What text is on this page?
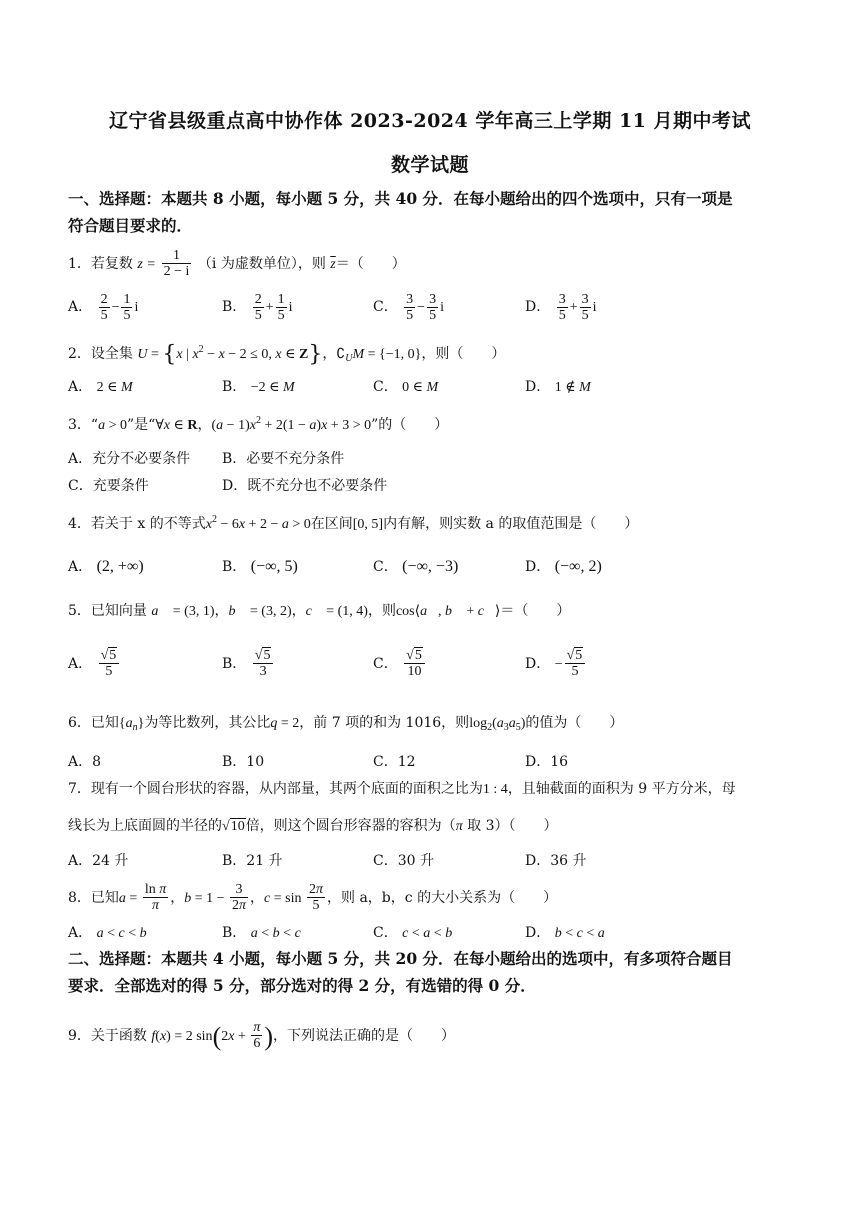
辽宁省县级重点高中协作体 2023-2024 学年高三上学期 11 月期中考试
数学试题
一、选择题：本题共 8 小题，每小题 5 分，共 40 分．在每小题给出的四个选项中，只有一项是
符合题目要求的．
1．若复数 $z = \frac{1}{2 - i} (i$ 为虚数单位），则 $\overline{z}=$（　　）
A． $\frac{2}{5} - \frac{1}{5}$ i	B． $\frac{2}{5} + \frac{1}{5}$ i	C． $\frac{3}{5} - \frac{3}{5}$ i	D． $\frac{3}{5} + \frac{3}{5}$ i
2．设全集 U = {x | $x^2 - x - 2 \le 0$, x ∈ Z}，$∁_UM = \{-1$, 0}，则（　　）
A． 2 ∈ M	B． −2 ∈ M	C． 0 ∈ M	D． 1 ∉ M
3．“a > 0”是“∀x ∈ R，$(a - 1)x^2 + 2(1 - a)x + 3 > 0$”的（　　）
A．充分不必要条件 B．必要不充分条件
C．充要条件	D．既不充分也不必要条件
4．若关于 x 的不等式$x^2 - 6x + 2 - a > 0$在区间[0, 5]内有解，则实数 a 的取值范围是（　　）
A． (2, +∞)	B． (−∞, 5)	C． (−∞, −3)	D． (−∞, 2)
5．已知向量 a⃗ = (3, 1)，b⃗ = (3, 2)，c⃗ = (1, 4)，则cos⟨a⃗, b⃗ + c⃗⟩＝（　　）
A． $\frac{√5}{5}$	B． $\frac{√5}{3}$	C． $\frac{√5}{10}$	D． − $\frac{√5}{5}$
6．已知$\{a_n\}$为等比数列，其公比q = 2，前 7 项的和为 1016，则$\log_2(a_3a_5)$的值为（　　）
A．8	B．10	C．12	D．16
7．现有一个圆台形状的容器，从内部量，其两个底面的面积之比为1 : 4，且轴截面的面积为 9 平方分米，母
线长为上底面圆的半径的√10倍，则这个圆台形容器的容积为（π 取 3）（　　）
A．24 升	B．21 升	C．30 升	D．36 升
8．已知$a = \frac{\text{ln π}}{\pi}$ ，$b = 1 - \frac{3}{2\pi}$ ，$c = \sin \frac{2\pi}{5}$ ，则 a，b，c 的大小关系为（　　）
A． a < c < b	B． a < b < c	C． c < a < b	D． b < c < a
二、选择题：本题共 4 小题，每小题 5 分，共 20 分．在每小题给出的选项中，有多项符合题目
要求．全部选对的得 5 分，部分选对的得 2 分，有选错的得 0 分．
9．关于函数 f(x) = 2 $\sin(2x + \frac{\pi}{6}$ )，下列说法正确的是（　　）
